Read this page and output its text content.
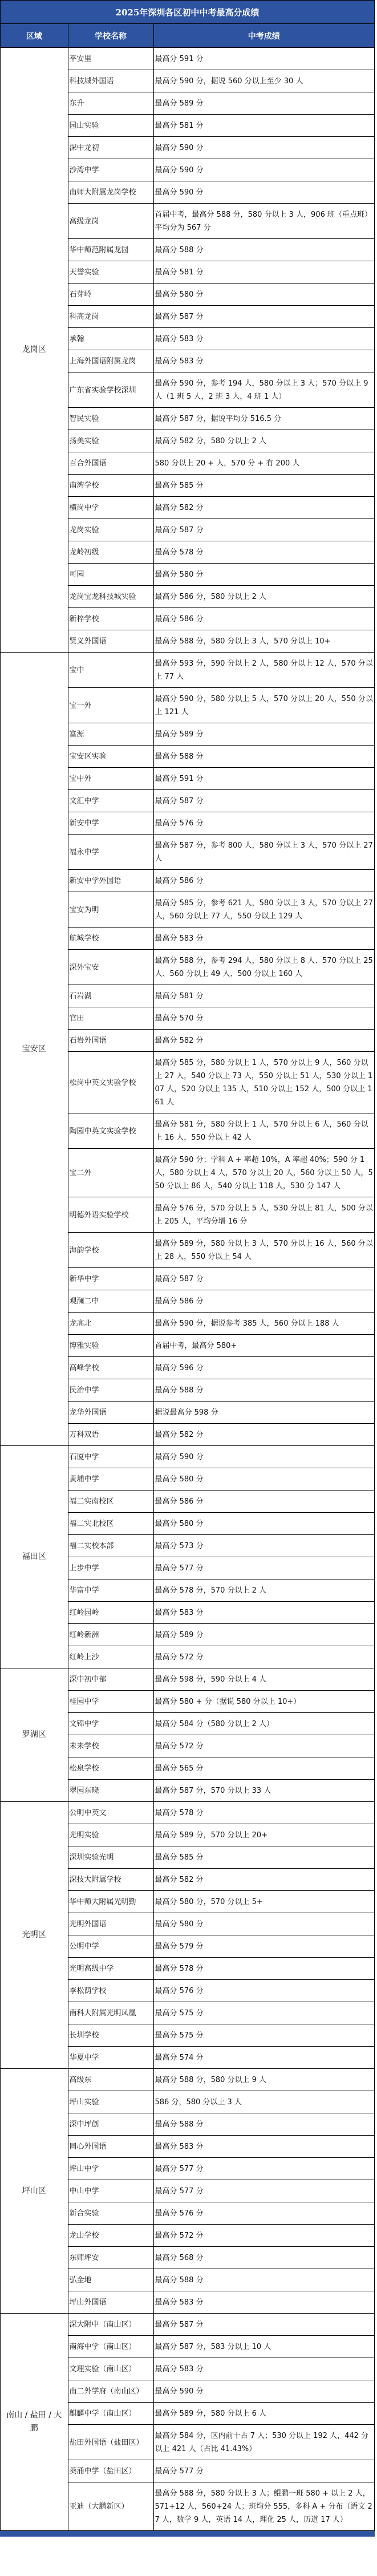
2025年深圳各区初中中考最高分成绩
区域	学校名称	中考成绩
龙岗区	平安里	最高分 591 分
	科技城外国语	最高分 590 分，据说 560 分以上至少 30 人
	东升	最高分 589 分
	园山实验	最高分 581 分
	深中龙初	最高分 590 分
	沙湾中学	最高分 590 分
	南师大附属龙岗学校	最高分 590 分
	高级龙岗	首届中考，最高分 588 分，580 分以上 3 人，906 班（重点班）平均分为 567 分
	华中师范附属龙园	最高分 588 分
	天誉实验	最高分 581 分
	石芽岭	最高分 580 分
	科高龙岗	最高分 587 分
	承翰	最高分 583 分
	上海外国语附属龙岗	最高分 583 分
	广东省实验学校深圳	最高分 590 分，参考 194 人，580 分以上 3 人；570 分以上 9 人（1 班 5 人，2 班 3 人，4 班 1 人）
	智民实验	最高分 587 分，据说平均分 516.5 分
	扬美实验	最高分 582 分，580 分以上 2 人
	百合外国语	580 分以上 20 + 人，570 分 + 有 200 人
	南湾学校	最高分 585 分
	横岗中学	最高分 582 分
	龙岗实验	最高分 587 分
	龙岭初级	最高分 578 分
	可园	最高分 580 分
	龙岗宝龙科技城实验	最高分 586 分，580 分以上 2 人
	新梓学校	最高分 586 分
	贤义外国语	最高分 588 分，580 分以上 3 人，570 分以上 10+
宝安区	宝中	最高分 593 分，590 分以上 2 人，580 分以上 12 人，570 分以上 77 人
	宝一外	最高分 590 分，580 分以上 5 人，570 分以上 20 人，550 分以上 121 人
	富源	最高分 589 分
	宝安区实验	最高分 588 分
	宝中外	最高分 591 分
	文汇中学	最高分 587 分
	新安中学	最高分 576 分
	福永中学	最高分 587 分，参考 800 人，580 分以上 3 人，570 分以上 27 人
	新安中学外国语	最高分 586 分
	宝安为明	最高分 585 分，参考 621 人，580 分以上 3 人，570 分以上 27 人，560 分以上 77 人，550 分以上 129 人
	航城学校	最高分 583 分
	深外宝安	最高分 588 分，参考 294 人，580 分以上 8 人、570 分以上 25 人、560 分以上 49 人、500 分以上 160 人
	石岩湖	最高分 581 分
	官田	最高分 570 分
	石岩外国语	最高分 582 分
	松岗中英文实验学校	最高分 585 分，580 分以上 1 人，570 分以上 9 人，560 分以上 27 人，540 分以上 73 人，550 分以上 51 人，530 分以上 107 人，520 分以上 135 人，510 分以上 152 人，500 分以上 161 人
	陶园中英文实验学校	最高分 581 分，580 分以上 1 人，570 分以上 6 人，560 分以上 16 人，550 分以上 42 人
	宝二外	最高分 590 分；学科 A + 率超 10%，A 率超 40%；590 分 1 人，580 分以上 4 人，570 分以上 20 人，560 分以上 50 人，550 分以上 86 人，540 分以上 118 人，530 分 147 人
	明德外语实验学校	最高分 576 分，570 分以上 5 人，530 分以上 81 人，500 分以上 205 人，平均分增 16 分
	海韵学校	最高分 589 分，580 分以上 3 人，570 分以上 16 人，560 分以上 28 人，550 分以上 54 人
	新华中学	最高分 587 分
	观澜二中	最高分 586 分
	龙高北	最高分 590 分，据说参考 385 人，560 分以上 188 人
	博雅实验	首届中考，最高分 580+
	高峰学校	最高分 596 分
	民治中学	最高分 588 分
	龙华外国语	据说最高分 598 分
	万科双语	最高分 582 分
福田区	石厦中学	最高分 590 分
	黄埔中学	最高分 580 分
	福二实南校区	最高分 586 分
	福二实北校区	最高分 580 分
	福二实校本部	最高分 573 分
	上步中学	最高分 577 分
	华富中学	最高分 578 分，570 分以上 2 人
	红岭园岭	最高分 583 分
	红岭新洲	最高分 589 分
	红岭上沙	最高分 572 分
罗湖区	深中初中部	最高分 598 分，590 分以上 4 人
	桂园中学	最高分 580 + 分（据说 580 分以上 10+）
	文锦中学	最高分 584 分（580 分以上 2 人）
	未来学校	最高分 572 分
	松泉学校	最高分 565 分
	翠园东晓	最高分 587 分，570 分以上 33 人
光明区	公明中英文	最高分 578 分
	光明实验	最高分 589 分，570 分以上 20+
	深圳实验光明	最高分 585 分
	深技大附属学校	最高分 582 分
	华中师大附属光明勤	最高分 580 分，570 分以上 5+
	光明外国语	最高分 580 分
	公明中学	最高分 579 分
	光明高级中学	最高分 578 分
	李松荫学校	最高分 576 分
	南科大附属光明凤凰	最高分 575 分
	长圳学校	最高分 575 分
	华夏中学	最高分 574 分
坪山区	高级东	最高分 588 分，580 分以上 9 人
	坪山实验	586 分，580 分以上 3 人
	深中坪创	最高分 588 分
	同心外国语	最高分 583 分
	坪山中学	最高分 577 分
	中山中学	最高分 577 分
	新合实验	最高分 576 分
	龙山学校	最高分 572 分
	东师坪安	最高分 568 分
	弘金地	最高分 588 分
	坪山外国语	最高分 583 分
南山 / 盐田 / 大鹏	深大附中（南山区）	最高分 587 分
	南海中学（南山区）	最高分 587 分，583 分以上 10 人
	文理实验（南山区）	最高分 583 分
	南二外学府（南山区）	最高分 590 分
	麒麟中学（南山区）	最高分 589 分，580 分以上 6 人
	盐田外国语（盐田区）	最高分 584 分，区内前十占 7 人；530 分以上 192 人，442 分以上 421 人（占比 41.43%）
	葵涌中学（盐田区）	最高分 577 分
	亚迪（大鹏新区）	最高分 588 分，580 分以上 3 人；鲲鹏一班 580 + 以上 2 人，571+12 人，560+24 人；班均分 555，多科 A + 分布（语文 27 人，数学 9 人，英语 14 人，理化 25 人，历道 17 人）
